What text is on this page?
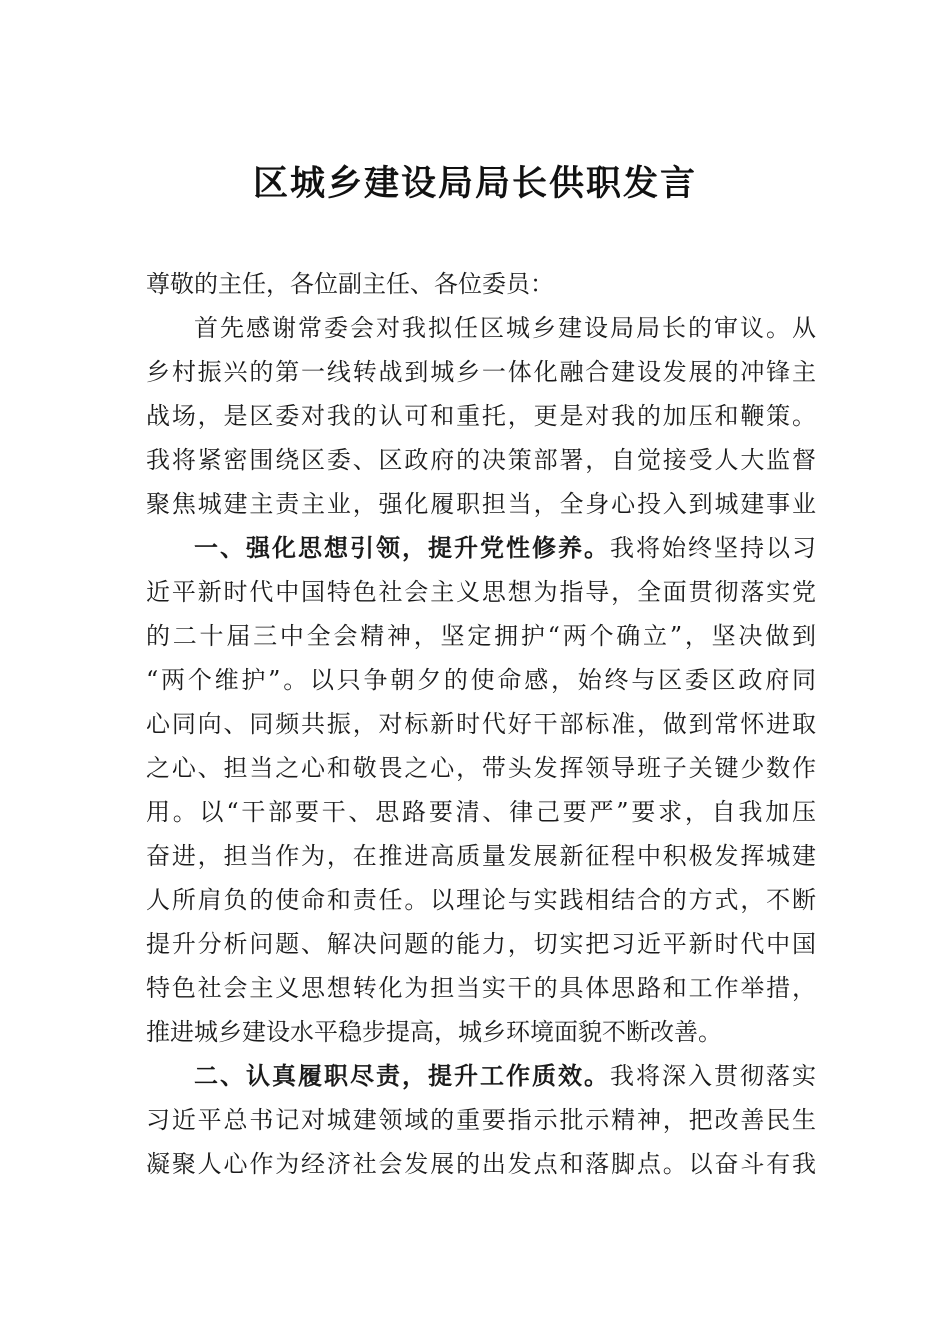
区城乡建设局局长供职发言
尊敬的主任，各位副主任、各位委员：
首先感谢常委会对我拟任区城乡建设局局长的审议。从
乡村振兴的第一线转战到城乡一体化融合建设发展的冲锋主
战场，是区委对我的认可和重托，更是对我的加压和鞭策。
我将紧密围绕区委、区政府的决策部署，自觉接受人大监督
聚焦城建主责主业，强化履职担当，全身心投入到城建事业
一、强化思想引领，提升党性修养。我将始终坚持以习
近平新时代中国特色社会主义思想为指导，全面贯彻落实党
的二十届三中全会精神，坚定拥护“两个确立”，坚决做到
“两个维护”。以只争朝夕的使命感，始终与区委区政府同
心同向、同频共振，对标新时代好干部标准，做到常怀进取
之心、担当之心和敬畏之心，带头发挥领导班子关键少数作
用。以“干部要干、思路要清、律己要严”要求，自我加压
奋进，担当作为，在推进高质量发展新征程中积极发挥城建
人所肩负的使命和责任。以理论与实践相结合的方式，不断
提升分析问题、解决问题的能力，切实把习近平新时代中国
特色社会主义思想转化为担当实干的具体思路和工作举措，
推进城乡建设水平稳步提高，城乡环境面貌不断改善。
二、认真履职尽责，提升工作质效。我将深入贯彻落实
习近平总书记对城建领域的重要指示批示精神，把改善民生
凝聚人心作为经济社会发展的出发点和落脚点。以奋斗有我
